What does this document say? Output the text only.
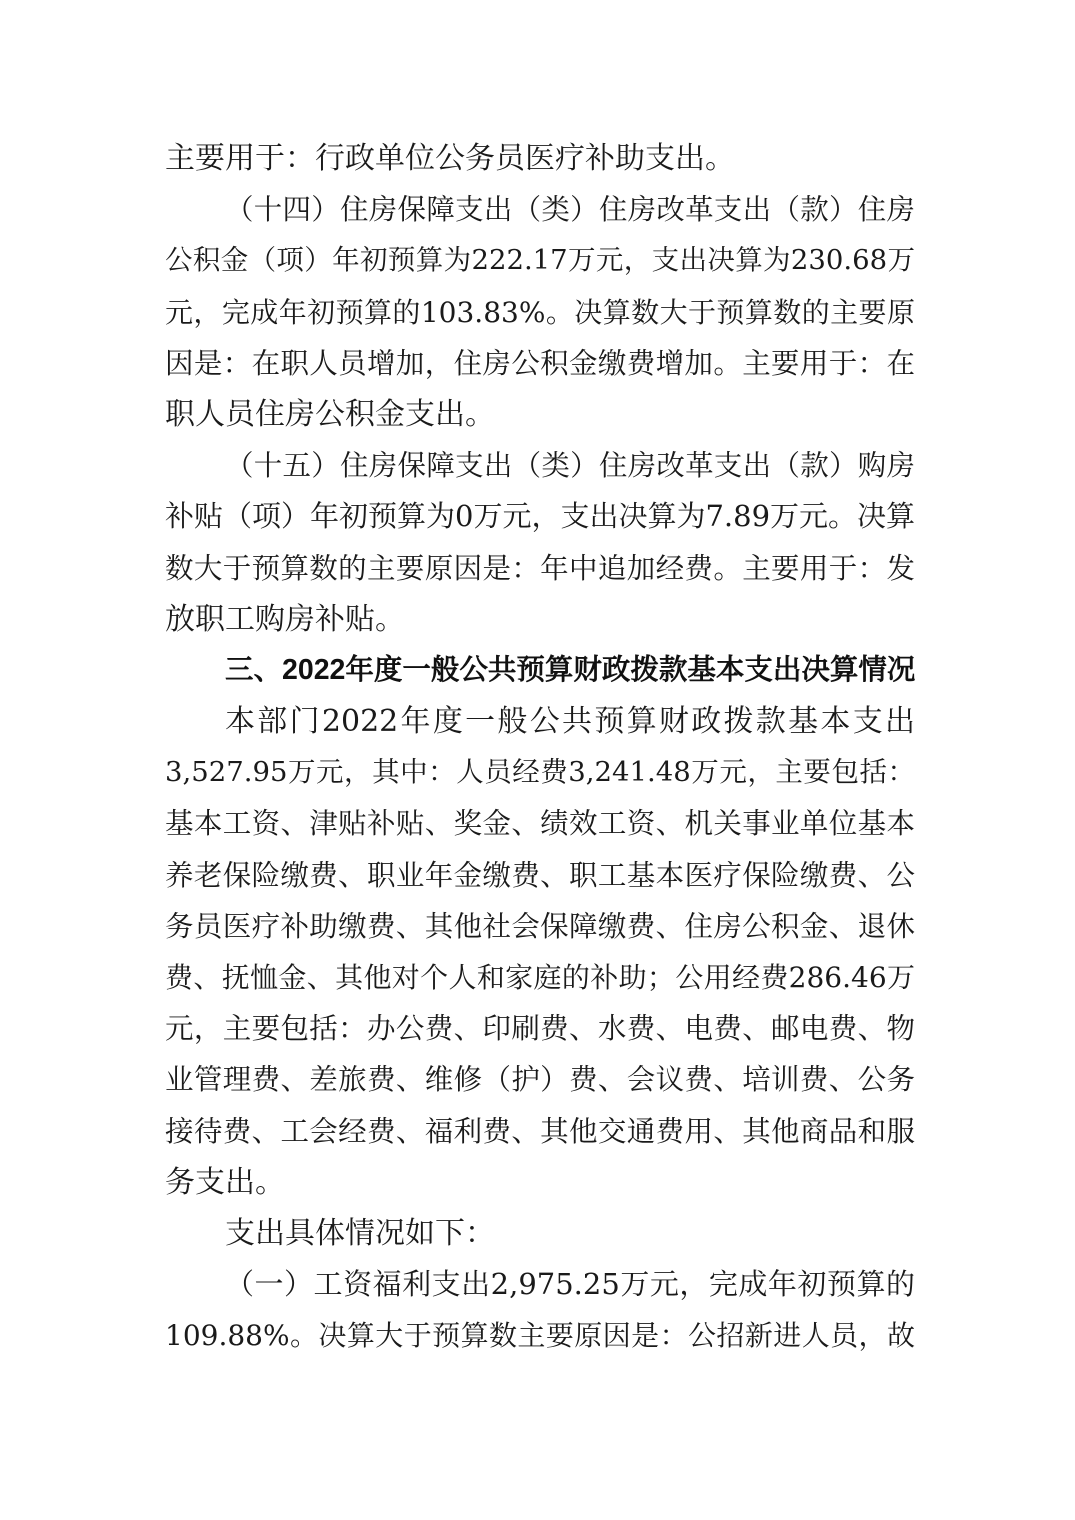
主要用于：行政单位公务员医疗补助支出。
（十四）住房保障支出（类）住房改革支出（款）住房
公积金（项）年初预算为222.17万元，支出决算为230.68万
元，完成年初预算的103.83%。决算数大于预算数的主要原
因是：在职人员增加，住房公积金缴费增加。主要用于：在
职人员住房公积金支出。
（十五）住房保障支出（类）住房改革支出（款）购房
补贴（项）年初预算为0万元，支出决算为7.89万元。决算
数大于预算数的主要原因是：年中追加经费。主要用于：发
放职工购房补贴。
三、2022年度一般公共预算财政拨款基本支出决算情况
本部门2022年度一般公共预算财政拨款基本支出
3,527.95万元，其中：人员经费3,241.48万元，主要包括：
基本工资、津贴补贴、奖金、绩效工资、机关事业单位基本
养老保险缴费、职业年金缴费、职工基本医疗保险缴费、公
务员医疗补助缴费、其他社会保障缴费、住房公积金、退休
费、抚恤金、其他对个人和家庭的补助；公用经费286.46万
元，主要包括：办公费、印刷费、水费、电费、邮电费、物
业管理费、差旅费、维修（护）费、会议费、培训费、公务
接待费、工会经费、福利费、其他交通费用、其他商品和服
务支出。
支出具体情况如下：
（一）工资福利支出2,975.25万元，完成年初预算的
109.88%。决算大于预算数主要原因是：公招新进人员，故
